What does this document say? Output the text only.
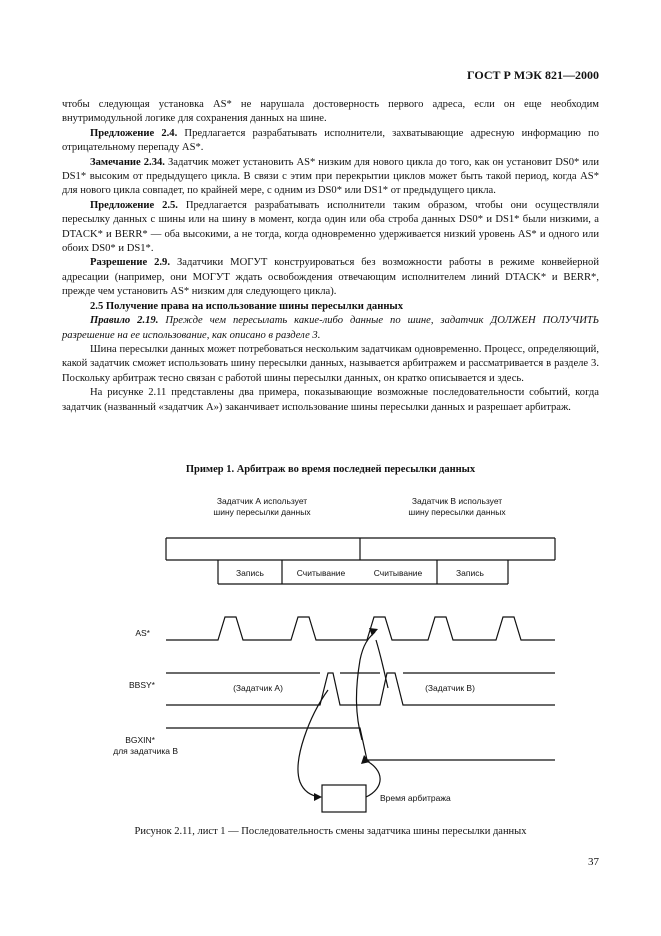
ГОСТ Р МЭК 821—2000

чтобы следующая установка AS* не нарушала достоверность первого адреса, если он еще необходим внутримодульной логике для сохранения данных на шине.

Предложение 2.4. Предлагается разрабатывать исполнители, захватывающие адресную информацию по отрицательному перепаду AS*.

Замечание 2.34. Задатчик может установить AS* низким для нового цикла до того, как он установит DS0* или DS1* высоким от предыдущего цикла. В связи с этим при перекрытии циклов может быть такой период, когда AS* для нового цикла совпадет, по крайней мере, с одним из DS0* или DS1* от предыдущего цикла.

Предложение 2.5. Предлагается разрабатывать исполнители таким образом, чтобы они осуществляли пересылку данных с шины или на шину в момент, когда один или оба строба данных DS0* и DS1* были низкими, а DTACK* и BERR* — оба высокими, а не тогда, когда одновременно удерживается низкий уровень AS* и одного или обоих DS0* и DS1*.

Разрешение 2.9. Задатчики МОГУТ конструироваться без возможности работы в режиме конвейерной адресации (например, они МОГУТ ждать освобождения отвечающим исполнителем линий DTACK* и BERR*, прежде чем установить AS* низким для следующего цикла).

2.5 Получение права на использование шины пересылки данных

Правило 2.19. Прежде чем пересылать какие-либо данные по шине, задатчик ДОЛЖЕН ПОЛУЧИТЬ разрешение на ее использование, как описано в разделе 3.

Шина пересылки данных может потребоваться нескольким задатчикам одновременно. Процесс, определяющий, какой задатчик сможет использовать шину пересылки данных, называется арбитражем и рассматривается в разделе 3. Поскольку арбитраж тесно связан с работой шины пересылки данных, он кратко описывается и здесь.

На рисунке 2.11 представлены два примера, показывающие возможные последовательности событий, когда задатчик (названный «задатчик А») заканчивает использование шины пересылки данных и разрешает арбитраж.

Пример 1. Арбитраж во время последней пересылки данных
Задатчик А использует
шину пересылки данных
Задатчик В использует
шину пересылки данных
Запись	Считывание	Считывание	Запись
AS*
BBSY*
BGXIN*
для задатчика В
(Задатчик А)	(Задатчик В)
Время арбитража
Рисунок 2.11, лист 1 — Последовательность смены задатчика шины пересылки данных
37
